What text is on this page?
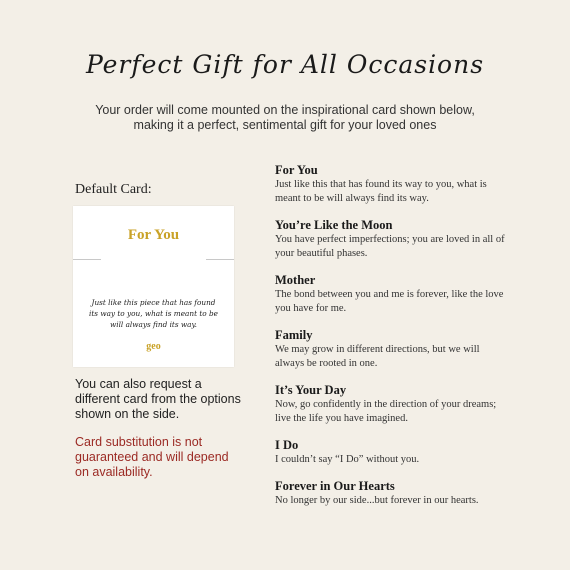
Perfect Gift for All Occasions
Your order will come mounted on the inspirational card shown below,
making it a perfect, sentimental gift for your loved ones
Default Card:
For You
Just like this piece that has found its way to you, what is meant to be will always find its way.
geo
You can also request a different card from the options shown on the side.
Card substitution is not guaranteed and will depend on availability.
For You
Just like this that has found its way to you, what is meant to be will always find its way.
You’re Like the Moon
You have perfect imperfections; you are loved in all of your beautiful phases.
Mother
The bond between you and me is forever, like the love you have for me.
Family
We may grow in different directions, but we will always be rooted in one.
It’s Your Day
Now, go confidently in the direction of your dreams; live the life you have imagined.
I Do
I couldn’t say “I Do” without you.
Forever in Our Hearts
No longer by our side...but forever in our hearts.
